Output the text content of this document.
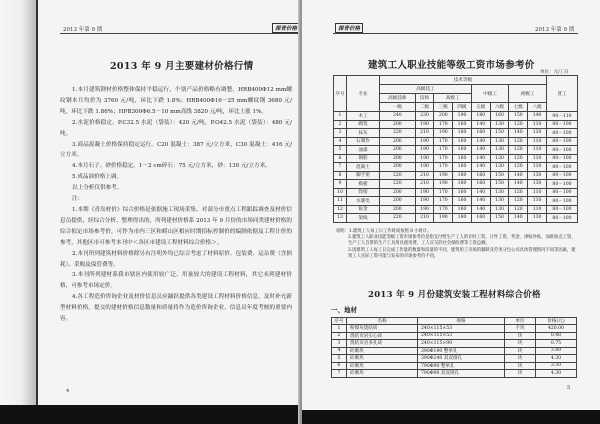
2013 年第 9 期	探青价格
2013 年 9 月主要建材价格行情

1.本月建筑钢材价格整体保持平稳运行，个别产品价格略有调整。HRB400Φ12 mm螺纹钢本月均价为 3760 元/吨，环比下跌 1.8%；HRB400Φ16－25 mm螺纹钢 3680 元/吨，环比下跌 1.86%；HPB300Φ6.5－10 mm高线 3820 元/吨，环比上涨 1%。

2.水泥价格稳定。P.C32.5 水泥（袋装）：420 元/吨，P.O42.5 水泥（袋装）：480 元/吨。

3.商品混凝土价格保持稳定运行。C20 混凝土：387 元/立方米，C30 混凝土：416 元/立方米。

4.本月石子、砂价格稳定。1－2 cm碎石：75 元/立方米，砂：130 元/立方米。

5.成品油价格上调。

以上分析仅供参考。

注：

1.本期《青岛材价》综合价格是依据施工现场采集、对部分市重点工程跟踪调查及材价信息员提供，经综合分析、整理得出的，所列建材价格系 2013 年 9 月份的市场同类建材价格的综合拟定市场参考价，可作为市内三区和崂山区相应时期招标控制价的编制依据及工程计价的参考，其他区市可参考本刊中＜各区市建设工程材料综合价格＞。

2.本刊所列建筑材料价格除另有注明外均已综合考虑了材料原价、包装费、运杂费（含损耗）、采购及保管费等。

3.本刊所列建材系我市辖区内使用较广泛、用量较大的建设工程材料，其它未列建材价格，可参考市场定价。

4.各工程造价咨询企业及材价信息员应踊跃提供各类建设工程材料价格信息，及时补充新型材料价格，提交的建材价格信息数量和质量将作为造价咨询企业、信息员年度考核的重要内容。

4
探青价格	2013 年第 9 期
建筑工人职业技能等级工资市场参考价
单位：元/工日
序号	专业	技术等级								普工
		高级技工				中级工		初级工		
		高级技师	技师	高级工						
		一级	二级	三级	四级	五级	六级	七级	八级	
1	木工	240	230	200	190	180	160	150	140	90－110
2	砌筑	200	190	170	160	140	130	120	110	80－100
3	抹灰	220	210	190	180	160	150	140	130	80－100
4	石制作	200	190	170	160	140	130	120	110	80－100
5	油漆	200	190	170	160	140	130	120	110	80－100
6	钢筋	200	190	170	160	140	130	120	110	80－100
7	混凝土	200	190	170	160	140	130	120	110	80－100
8	脚手架	220	210	190	180	160	150	140	130	80－100
9	模板	220	210	190	180	160	150	140	130	80－100
10	焊接	200	190	170	160	140	130	120	110	80－100
11	水暖电	200	190	170	160	140	130	120	110	80－100
12	钣金	200	190	170	160	140	130	120	110	80－100
13	架线	220	210	190	180	160	150	140	130	80－100

说明：1.建筑工人每工日工作时间按照 8 小时计。

2.建筑工人职业技能等级工资市场参考价是指支付给生产工人的计时工资、计件工资、奖金、津贴补贴、加班加点工资、生产工人自带的生产工具用具使用费、工人应交的社会保险费等工资总额。

3.因建筑工人每工日完成工作量的数量和质量的不同、建筑用工市场的紧缺及劳务分包公司具体管理情况不同等因素，建筑工人实际工资可能与发布的市场参考价不同。

2013 年 9 月份建筑安装工程材料综合价格
一、地材
序号	名称	规格	单位	价格(元)
1	粉煤灰烧结砖	240×115×53	千块	420.00
2	烧结页岩实心砖	240×115×53	块	0.48
3	烧结页岩多孔砖	240×115×90	块	0.75
4	砼砌块	390Φ190 整单孔	块	3.89
5	砼砌块	390Φ240 双双排孔	块	4.30
6	砼砌块	790Φ90 整单孔	块	3.50
7	砼砌块	790Φ90 双双排孔	块	4.30
5
